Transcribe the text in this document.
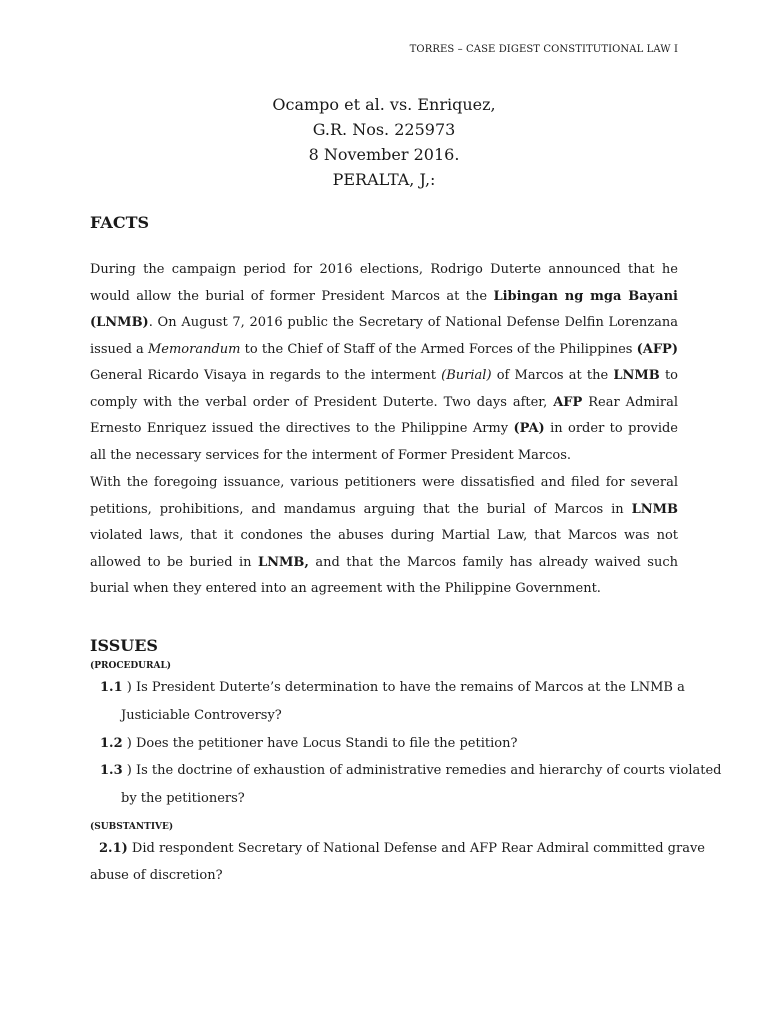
TORRES – CASE DIGEST CONSTITUTIONAL LAW I
Ocampo et al. vs. Enriquez,
G.R. Nos. 225973
8 November 2016.
PERALTA, J,:
FACTS
During the campaign period for 2016 elections, Rodrigo Duterte announced that he would allow the burial of former President Marcos at the Libingan ng mga Bayani (LNMB). On August 7, 2016 public the Secretary of National Defense Delfin Lorenzana issued a Memorandum to the Chief of Staff of the Armed Forces of the Philippines (AFP) General Ricardo Visaya in regards to the interment (Burial) of Marcos at the LNMB to comply with the verbal order of President Duterte. Two days after, AFP Rear Admiral Ernesto Enriquez issued the directives to the Philippine Army (PA) in order to provide all the necessary services for the interment of Former President Marcos.
With the foregoing issuance, various petitioners were dissatisfied and filed for several petitions, prohibitions, and mandamus arguing that the burial of Marcos in LNMB violated laws, that it condones the abuses during Martial Law, that Marcos was not allowed to be buried in LNMB, and that the Marcos family has already waived such burial when they entered into an agreement with the Philippine Government.
ISSUES
(PROCEDURAL)
1.1 ) Is President Duterte’s determination to have the remains of Marcos at the LNMB a
Justiciable Controversy?
1.2 ) Does the petitioner have Locus Standi to file the petition?
1.3 ) Is the doctrine of exhaustion of administrative remedies and hierarchy of courts violated
by the petitioners?
(SUBSTANTIVE)
2.1) Did respondent Secretary of National Defense and AFP Rear Admiral committed grave
abuse of discretion?
